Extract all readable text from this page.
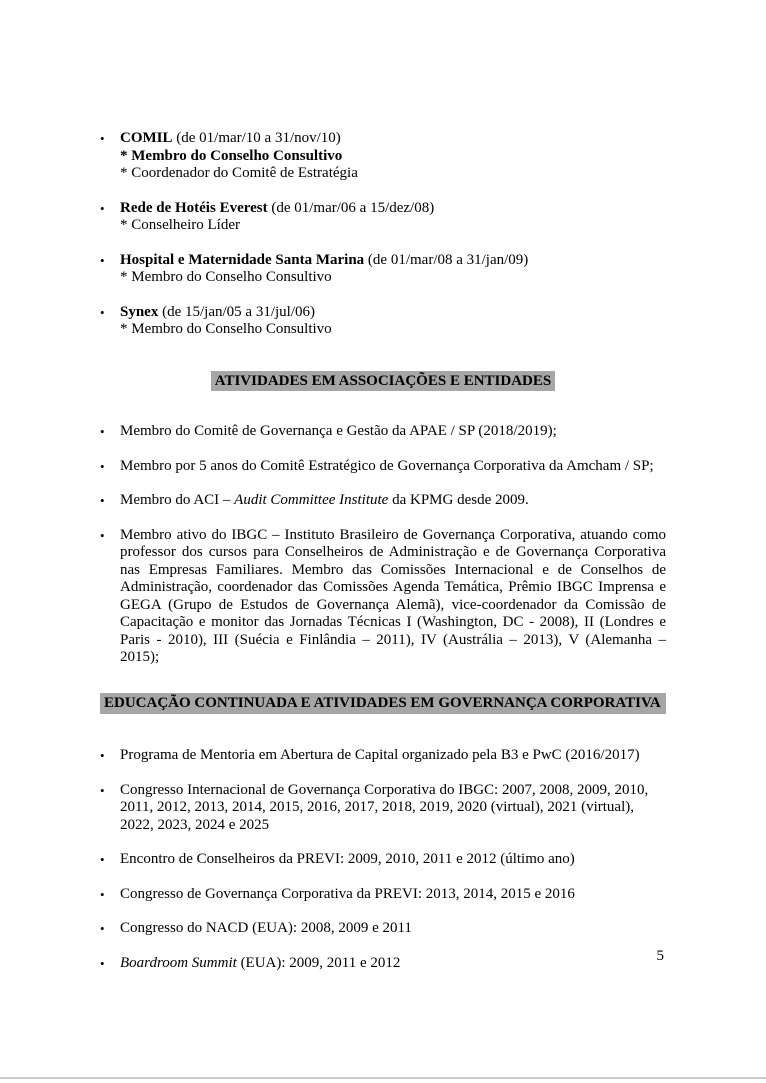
•	COMIL (de 01/mar/10 a 31/nov/10)
* Membro do Conselho Consultivo
* Coordenador do Comitê de Estratégia
•	Rede de Hotéis Everest (de 01/mar/06 a 15/dez/08)
* Conselheiro Líder
•	Hospital e Maternidade Santa Marina (de 01/mar/08 a 31/jan/09)
* Membro do Conselho Consultivo
•	Synex (de 15/jan/05 a 31/jul/06)
* Membro do Conselho Consultivo
ATIVIDADES EM ASSOCIAÇÕES E ENTIDADES
•	Membro do Comitê de Governança e Gestão da APAE / SP (2018/2019);
•	Membro por 5 anos do Comitê Estratégico de Governança Corporativa da Amcham / SP;
•	Membro do ACI – Audit Committee Institute da KPMG desde 2009.
•	Membro ativo do IBGC – Instituto Brasileiro de Governança Corporativa, atuando como professor dos cursos para Conselheiros de Administração e de Governança Corporativa nas Empresas Familiares. Membro das Comissões Internacional e de Conselhos de Administração, coordenador das Comissões Agenda Temática, Prêmio IBGC Imprensa e GEGA (Grupo de Estudos de Governança Alemã), vice-coordenador da Comissão de Capacitação e monitor das Jornadas Técnicas I (Washington, DC - 2008), II (Londres e Paris - 2010), III (Suécia e Finlândia – 2011), IV (Austrália – 2013), V (Alemanha – 2015);
EDUCAÇÃO CONTINUADA E ATIVIDADES EM GOVERNANÇA CORPORATIVA
•	Programa de Mentoria em Abertura de Capital organizado pela B3 e PwC (2016/2017)
•	Congresso Internacional de Governança Corporativa do IBGC: 2007, 2008, 2009, 2010, 2011, 2012, 2013, 2014, 2015, 2016, 2017, 2018, 2019, 2020 (virtual), 2021 (virtual), 2022, 2023, 2024 e 2025
•	Encontro de Conselheiros da PREVI: 2009, 2010, 2011 e 2012 (último ano)
•	Congresso de Governança Corporativa da PREVI: 2013, 2014, 2015 e 2016
•	Congresso do NACD (EUA): 2008, 2009 e 2011
•	Boardroom Summit (EUA): 2009, 2011 e 2012	5
